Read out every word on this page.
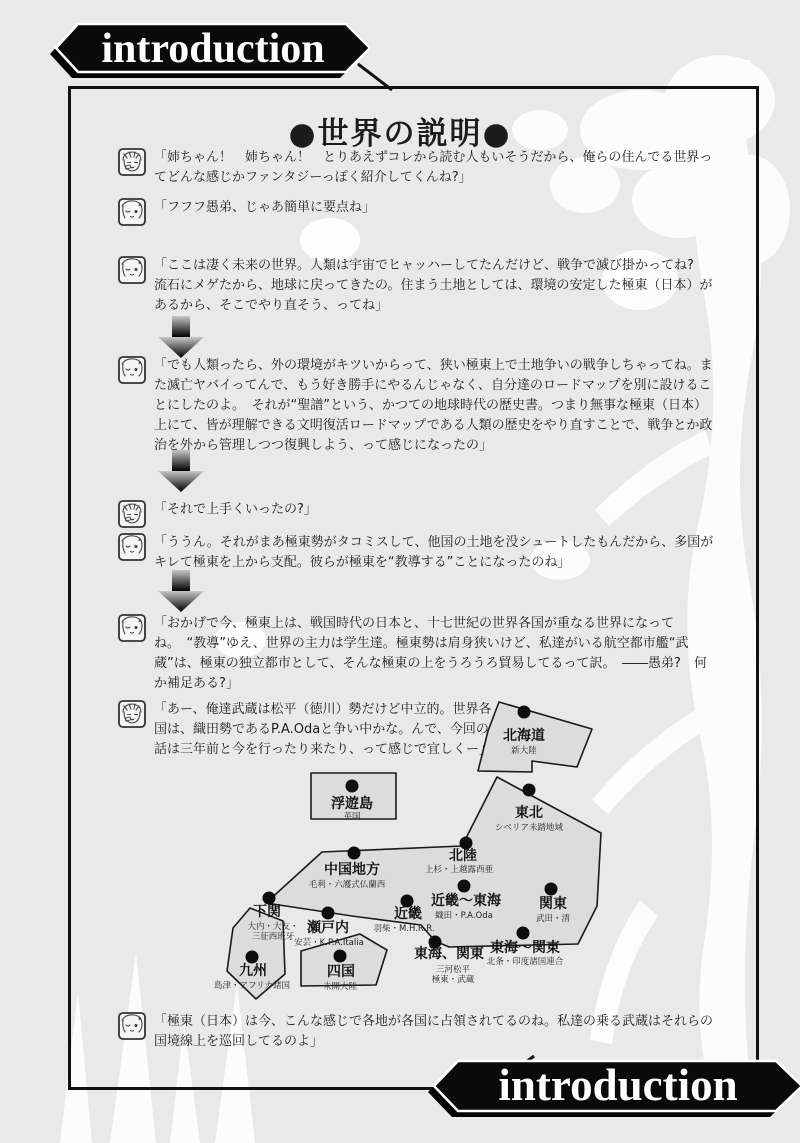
●世界の説明●
北海道
新大陸
東北
シベリア未踏地域
浮遊島
英国
北陸
上杉・上越露西亜
中国地方
毛利・六護式仏蘭西
近畿～東海
織田・P.A.Oda
関東
武田・清
近畿
羽柴・M.H.R.R.
下関
大内・大友・
三征西班牙
瀬戸内
安芸・K.P.A.Italia	東海～関東
北条・印度諸国連合
東海、関東
三河松平
極東・武蔵
九州
島津・アフリカ諸国
四国
未開大陸
introduction
introduction

「姉ちゃん！　姉ちゃん！　とりあえずコレから読む人もいそうだから、俺らの住んでる世界ってどんな感じかファンタジーっぽく紹介してくんね?」

「フフフ愚弟、じゃあ簡単に要点ね」

「ここは凄く未来の世界。人類は宇宙でヒャッハーしてたんだけど、戦争で滅び掛かってね?　流石にメゲたから、地球に戻ってきたの。住まう土地としては、環境の安定した極東（日本）があるから、そこでやり直そう、ってね」

「でも人類ったら、外の環境がキツいからって、狭い極東上で土地争いの戦争しちゃってね。また滅亡ヤバイってんで、もう好き勝手にやるんじゃなく、自分達のロードマップを別に設けることにしたのよ。　それが“聖譜”という、かつての地球時代の歴史書。つまり無事な極東（日本）上にて、皆が理解できる文明復活ロードマップである人類の歴史をやり直すことで、戦争とか政治を外から管理しつつ復興しよう、って感じになったの」

「それで上手くいったの?」

「ううん。それがまあ極東勢がタコミスして、他国の土地を没シュートしたもんだから、多国がキレて極東を上から支配。彼らが極東を“教導する”ことになったのね」

「おかげで今、極東上は、戦国時代の日本と、十七世紀の世界各国が重なる世界になってね。　“教導”ゆえ、世界の主力は学生達。極東勢は肩身狭いけど、私達がいる航空都市艦“武蔵”は、極東の独立都市として、そんな極東の上をうろうろ貿易してるって訳。　――愚弟?　何か補足ある?」

「あー、俺達武蔵は松平（徳川）勢だけど中立的。世界各国は、織田勢であるP.A.Odaと争い中かな。んで、今回の話は三年前と今を行ったり来たり、って感じで宜しくー」

「極東（日本）は今、こんな感じで各地が各国に占領されてるのね。私達の乗る武蔵はそれらの国境線上を巡回してるのよ」
